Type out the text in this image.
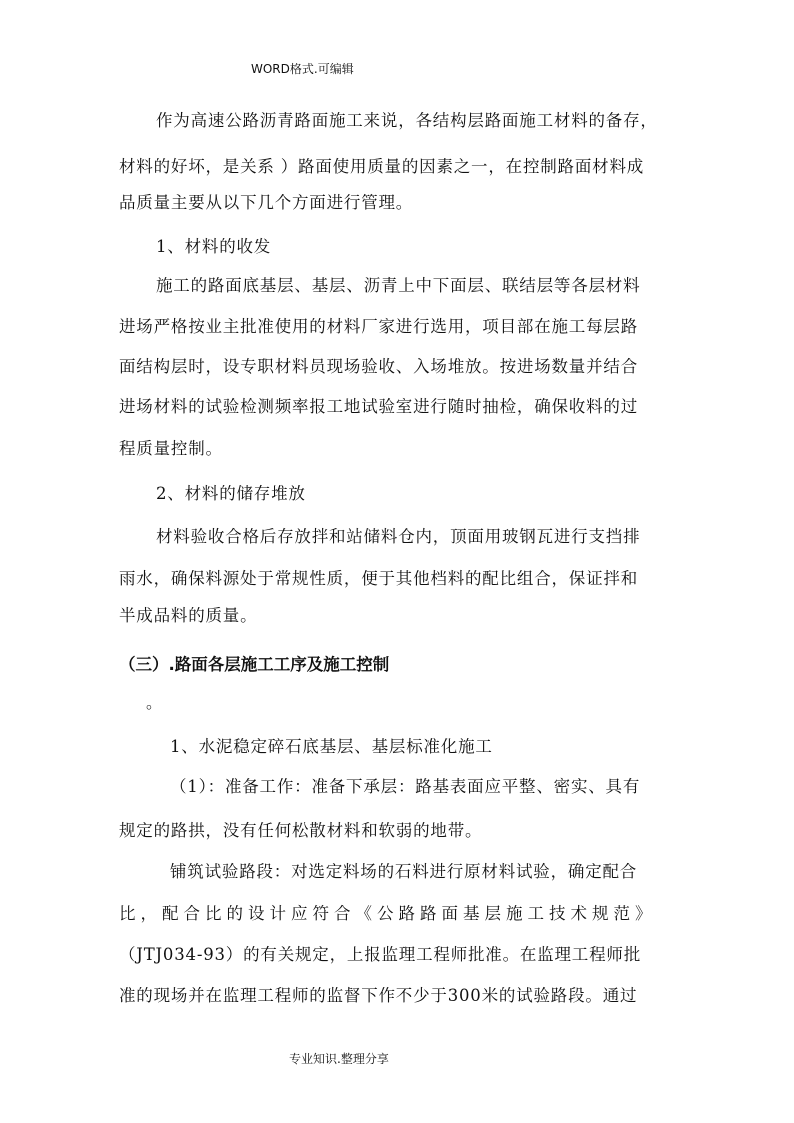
WORD格式.可编辑
作为高速公路沥青路面施工来说，各结构层路面施工材料的备存，
材料的好坏，是关系 ）路面使用质量的因素之一，在控制路面材料成
品质量主要从以下几个方面进行管理。
1、材料的收发
施工的路面底基层、基层、沥青上中下面层、联结层等各层材料
进场严格按业主批准使用的材料厂家进行选用，项目部在施工每层路
面结构层时，设专职材料员现场验收、入场堆放。按进场数量并结合
进场材料的试验检测频率报工地试验室进行随时抽检，确保收料的过
程质量控制。
2、材料的储存堆放
材料验收合格后存放拌和站储料仓内，顶面用玻钢瓦进行支挡排
雨水，确保料源处于常规性质，便于其他档料的配比组合，保证拌和
半成品料的质量。
（三）.路面各层施工工序及施工控制
。
1、水泥稳定碎石底基层、基层标准化施工
（1）：准备工作：准备下承层：路基表面应平整、密实、具有
规定的路拱，没有任何松散材料和软弱的地带。
铺筑试验路段：对选定料场的石料进行原材料试验，确定配合
比，配合比的设计应符合《公路路面基层施工技术规范》
（JTJ034-93）的有关规定，上报监理工程师批准。在监理工程师批
准的现场并在监理工程师的监督下作不少于300米的试验路段。通过
专业知识.整理分享
